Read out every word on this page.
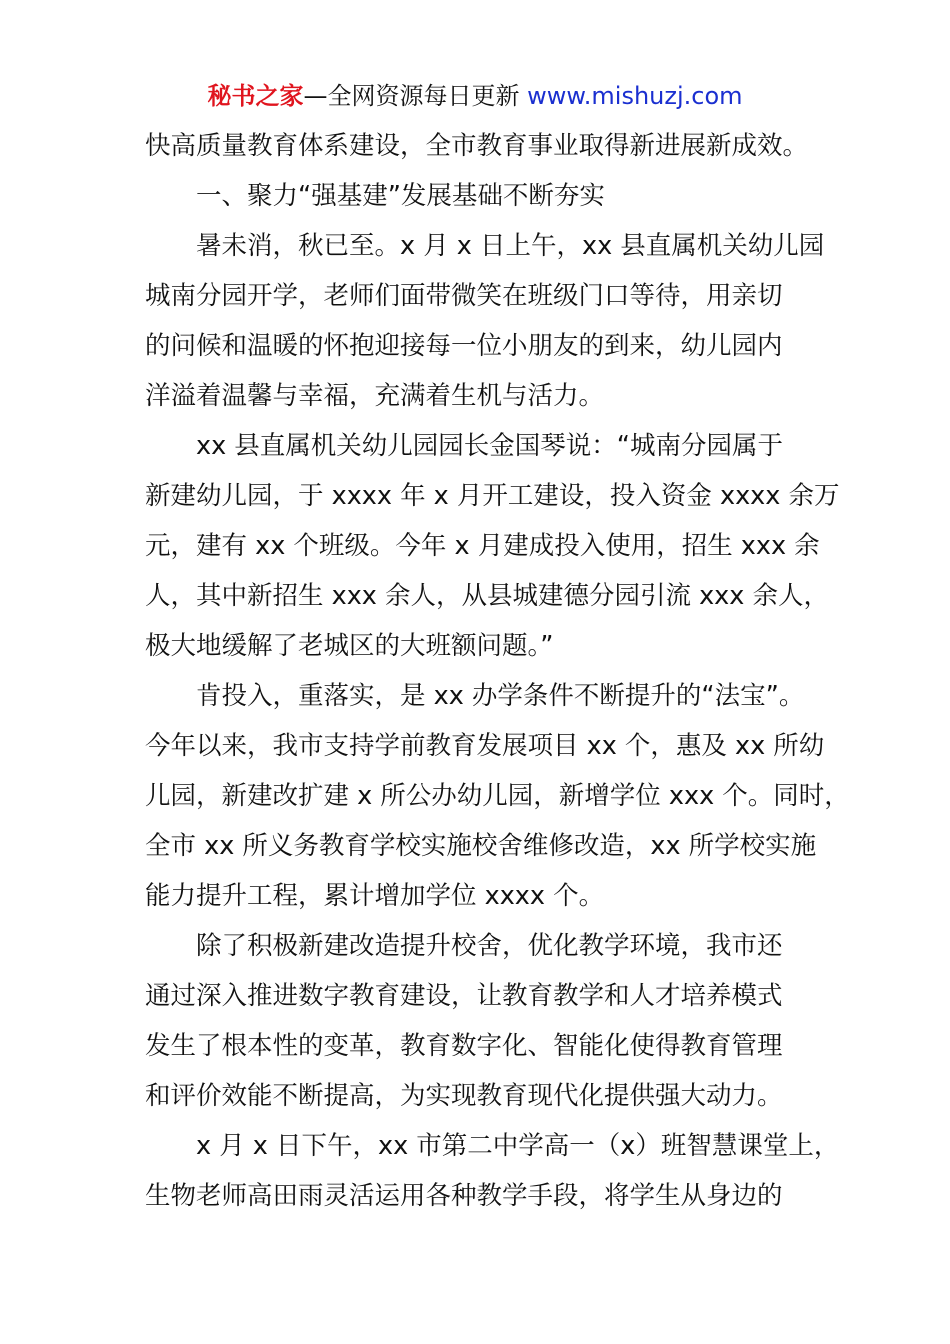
秘书之家—全网资源每日更新 www.mishuzj.com
快高质量教育体系建设，全市教育事业取得新进展新成效。
一、聚力“强基建”发展基础不断夯实
暑未消，秋已至。x 月 x 日上午，xx 县直属机关幼儿园
城南分园开学，老师们面带微笑在班级门口等待，用亲切
的问候和温暖的怀抱迎接每一位小朋友的到来，幼儿园内
洋溢着温馨与幸福，充满着生机与活力。
xx 县直属机关幼儿园园长金国琴说：“城南分园属于
新建幼儿园，于 xxxx 年 x 月开工建设，投入资金 xxxx 余万
元，建有 xx 个班级。今年 x 月建成投入使用，招生 xxx 余
人，其中新招生 xxx 余人，从县城建德分园引流 xxx 余人，
极大地缓解了老城区的大班额问题。”
肯投入，重落实，是 xx 办学条件不断提升的“法宝”。
今年以来，我市支持学前教育发展项目 xx 个，惠及 xx 所幼
儿园，新建改扩建 x 所公办幼儿园，新增学位 xxx 个。同时，
全市 xx 所义务教育学校实施校舍维修改造，xx 所学校实施
能力提升工程，累计增加学位 xxxx 个。
除了积极新建改造提升校舍，优化教学环境，我市还
通过深入推进数字教育建设，让教育教学和人才培养模式
发生了根本性的变革，教育数字化、智能化使得教育管理
和评价效能不断提高，为实现教育现代化提供强大动力。
x 月 x 日下午，xx 市第二中学高一（x）班智慧课堂上，
生物老师高田雨灵活运用各种教学手段，将学生从身边的
